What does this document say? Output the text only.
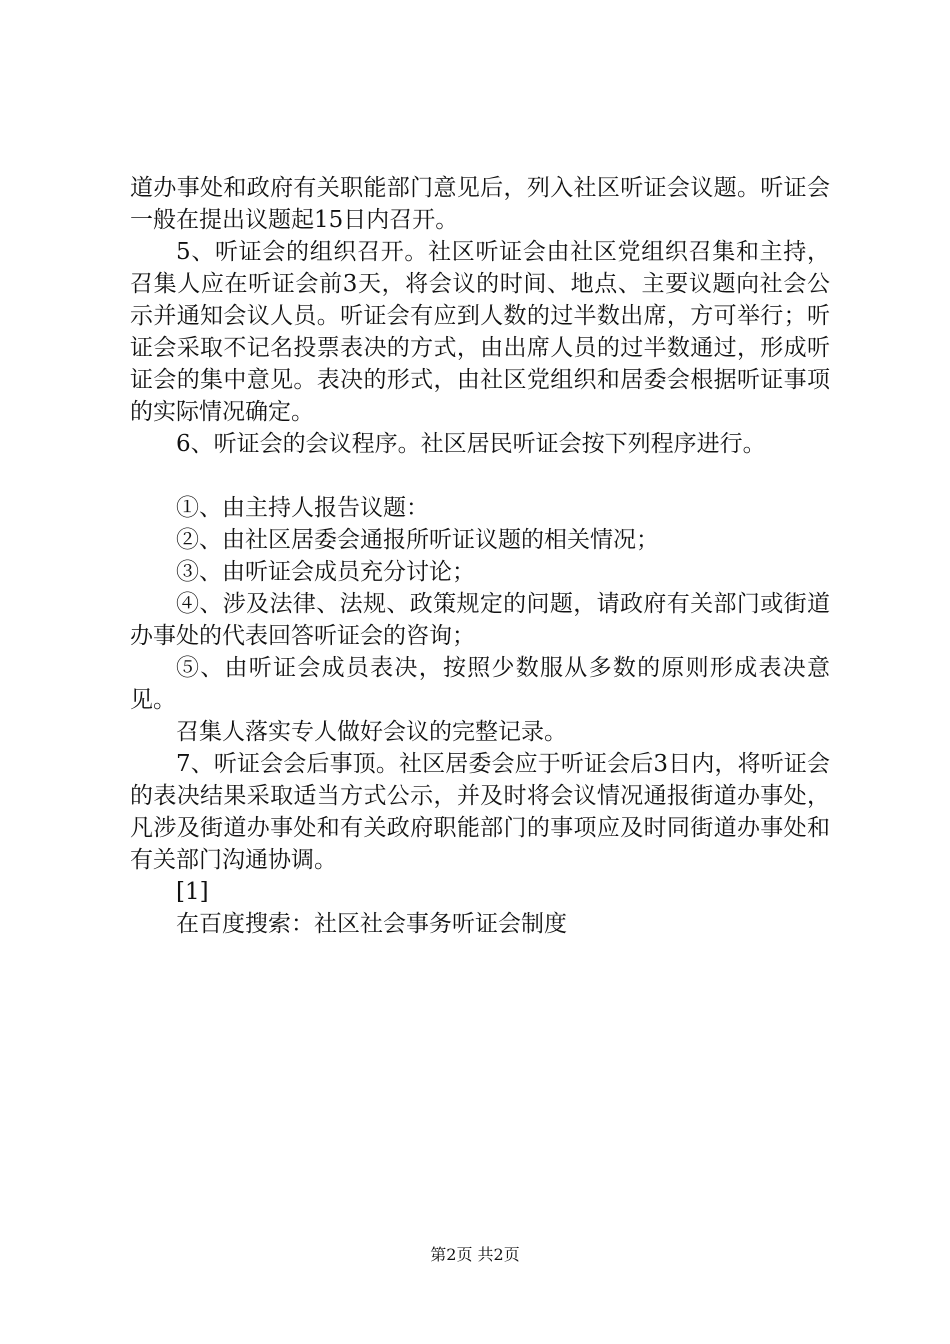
道办事处和政府有关职能部门意见后，列入社区听证会议题。听证会一般在提出议题起15日内召开。

5、听证会的组织召开。社区听证会由社区党组织召集和主持，召集人应在听证会前3天，将会议的时间、地点、主要议题向社会公示并通知会议人员。听证会有应到人数的过半数出席，方可举行；听证会采取不记名投票表决的方式，由出席人员的过半数通过，形成听证会的集中意见。表决的形式，由社区党组织和居委会根据听证事项的实际情况确定。

6、听证会的会议程序。社区居民听证会按下列程序进行。

①、由主持人报告议题：

②、由社区居委会通报所听证议题的相关情况；

③、由听证会成员充分讨论；

④、涉及法律、法规、政策规定的问题，请政府有关部门或街道办事处的代表回答听证会的咨询；

⑤、由听证会成员表决，按照少数服从多数的原则形成表决意见。

召集人落实专人做好会议的完整记录。

7、听证会会后事顶。社区居委会应于听证会后3日内，将听证会的表决结果采取适当方式公示，并及时将会议情况通报街道办事处，凡涉及街道办事处和有关政府职能部门的事项应及时同街道办事处和有关部门沟通协调。

[1]

在百度搜索：社区社会事务听证会制度

第2页 共2页
